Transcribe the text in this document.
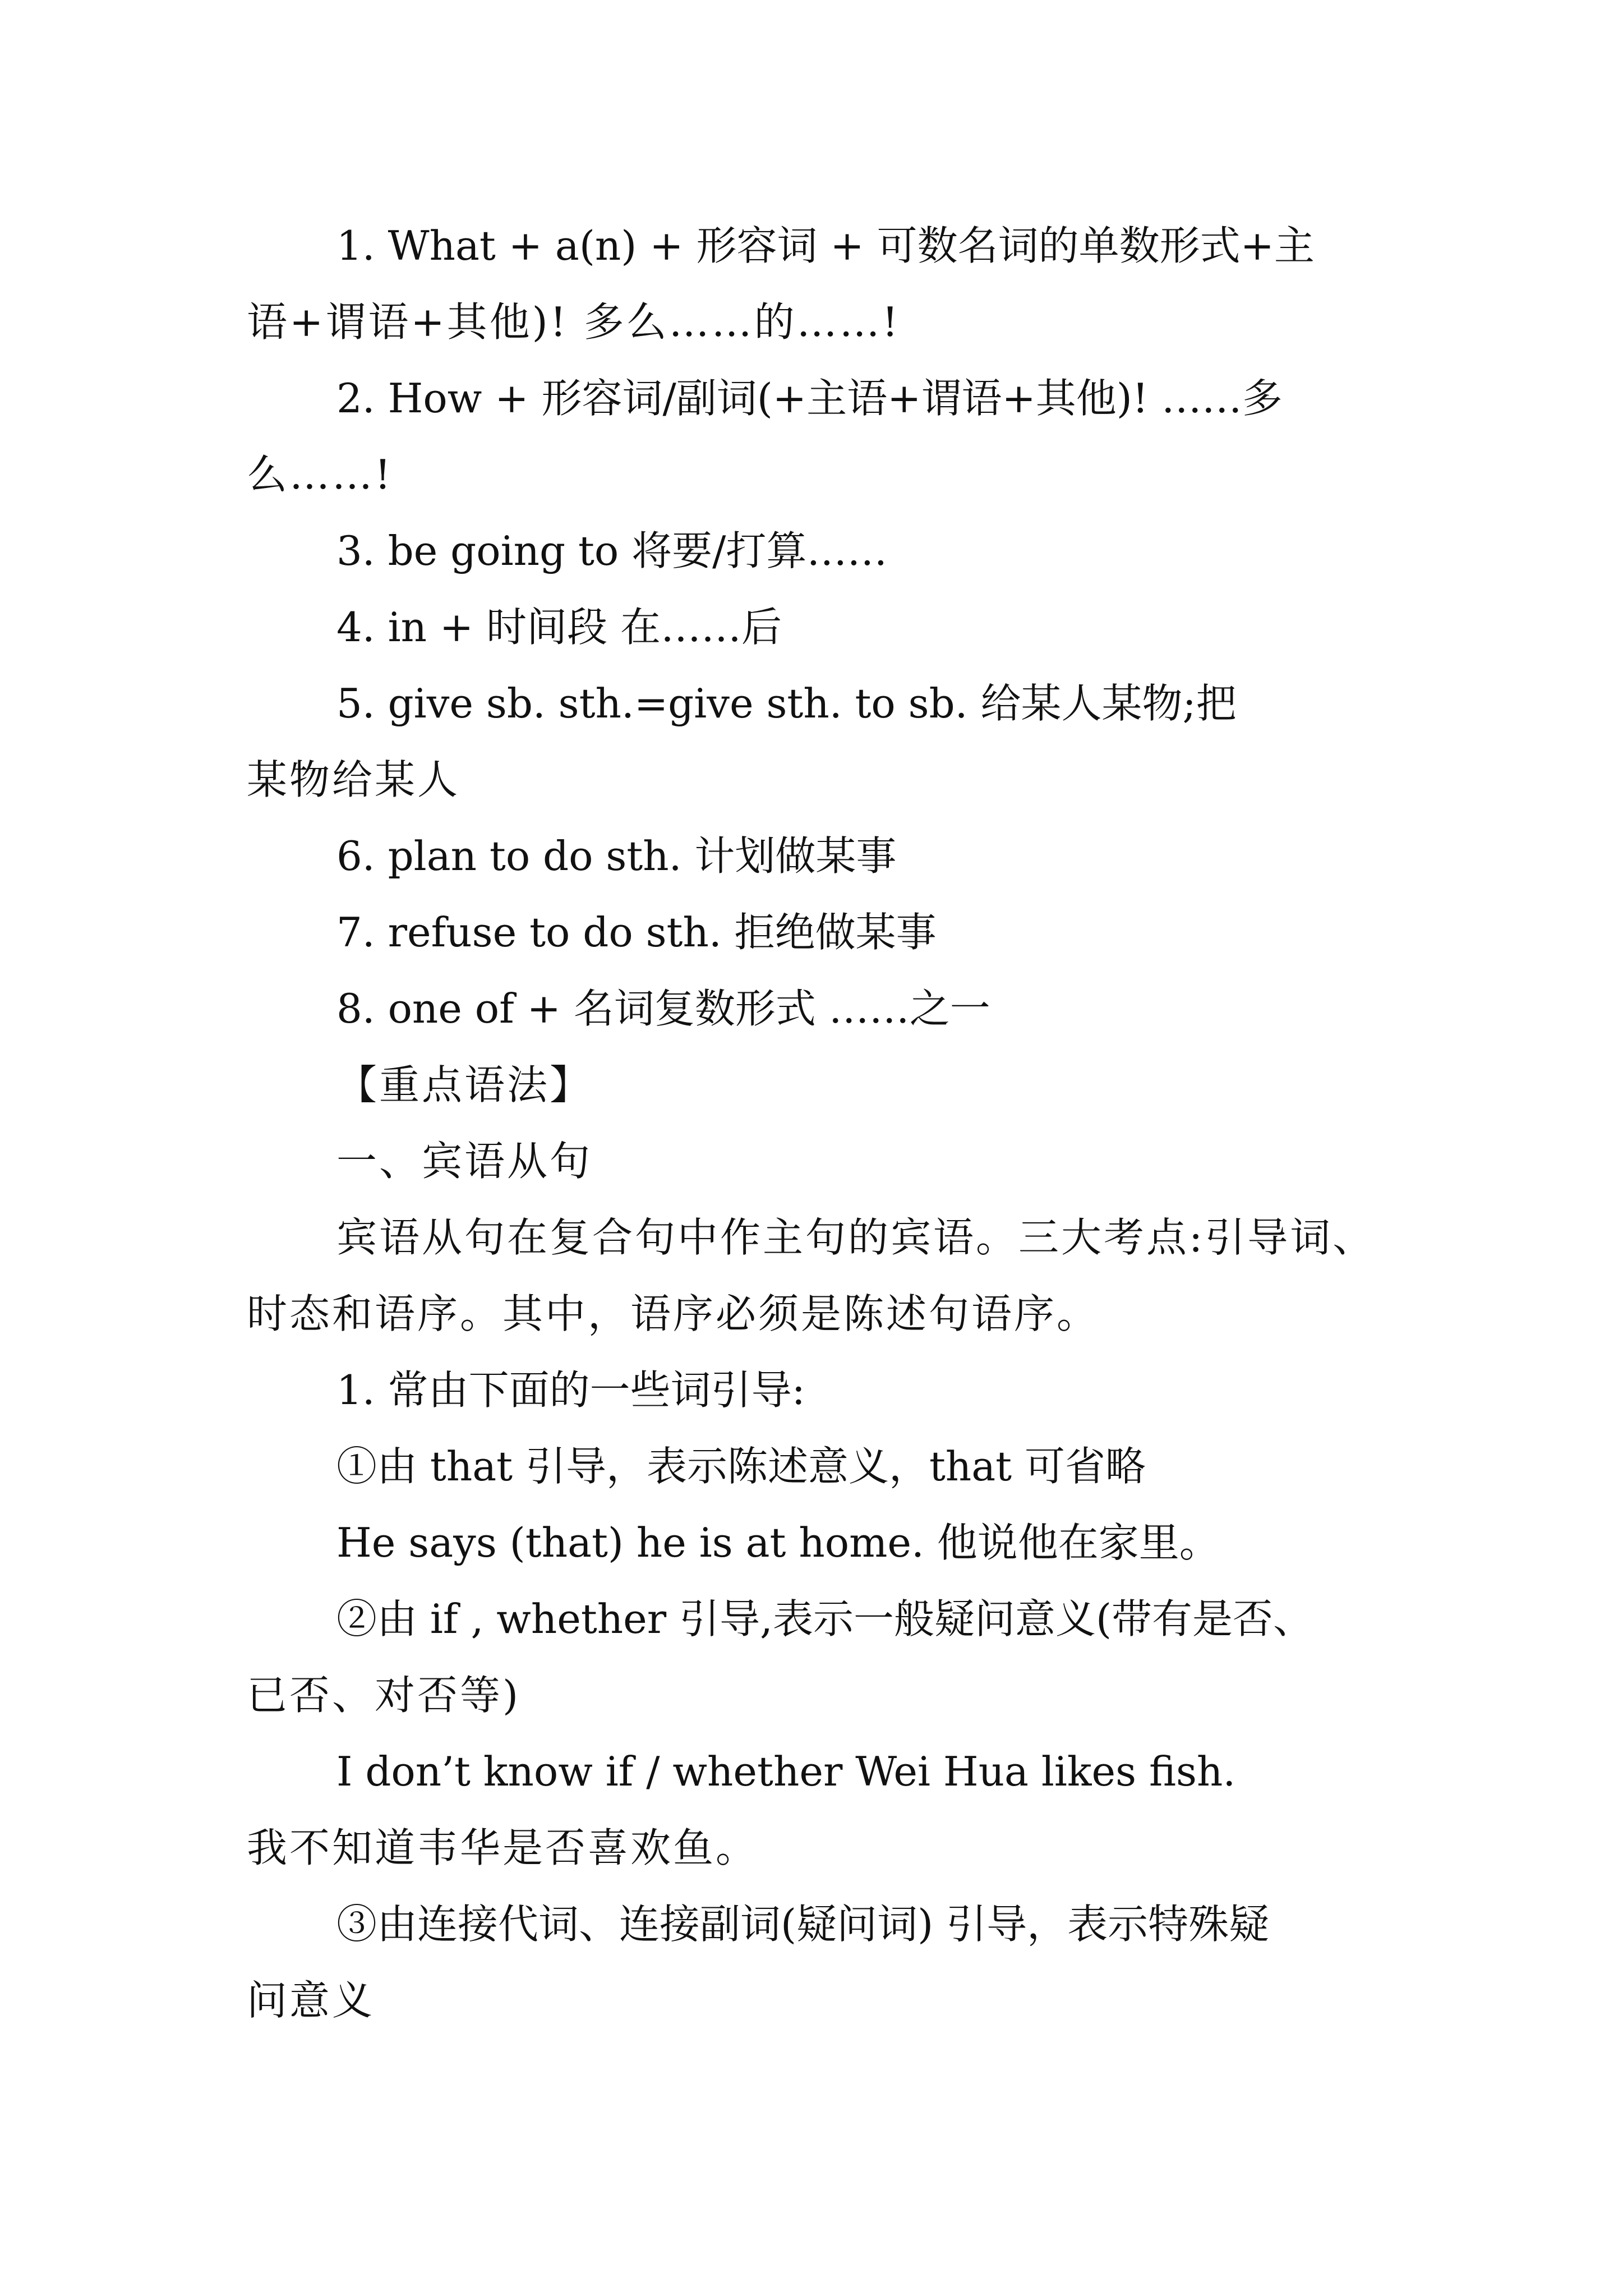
1. What + a(n) + 形容词 + 可数名词的单数形式+主
语+谓语+其他)! 多么……的……!
2. How + 形容词/副词(+主语+谓语+其他)! ……多
么……!
3. be going to 将要/打算……
4. in + 时间段 在……后
5. give sb. sth.=give sth. to sb. 给某人某物;把
某物给某人
6. plan to do sth. 计划做某事
7. refuse to do sth. 拒绝做某事
8. one of + 名词复数形式 ……之一
【重点语法】
一、宾语从句
宾语从句在复合句中作主句的宾语。三大考点:引导词、
时态和语序。其中，语序必须是陈述句语序。
1. 常由下面的一些词引导:
①由 that 引导，表示陈述意义，that 可省略
He says (that) he is at home. 他说他在家里。
②由 if , whether 引导,表示一般疑问意义(带有是否、
已否、对否等)
I don’t know if / whether Wei Hua likes fish.
我不知道韦华是否喜欢鱼。
③由连接代词、连接副词(疑问词) 引导，表示特殊疑
问意义
